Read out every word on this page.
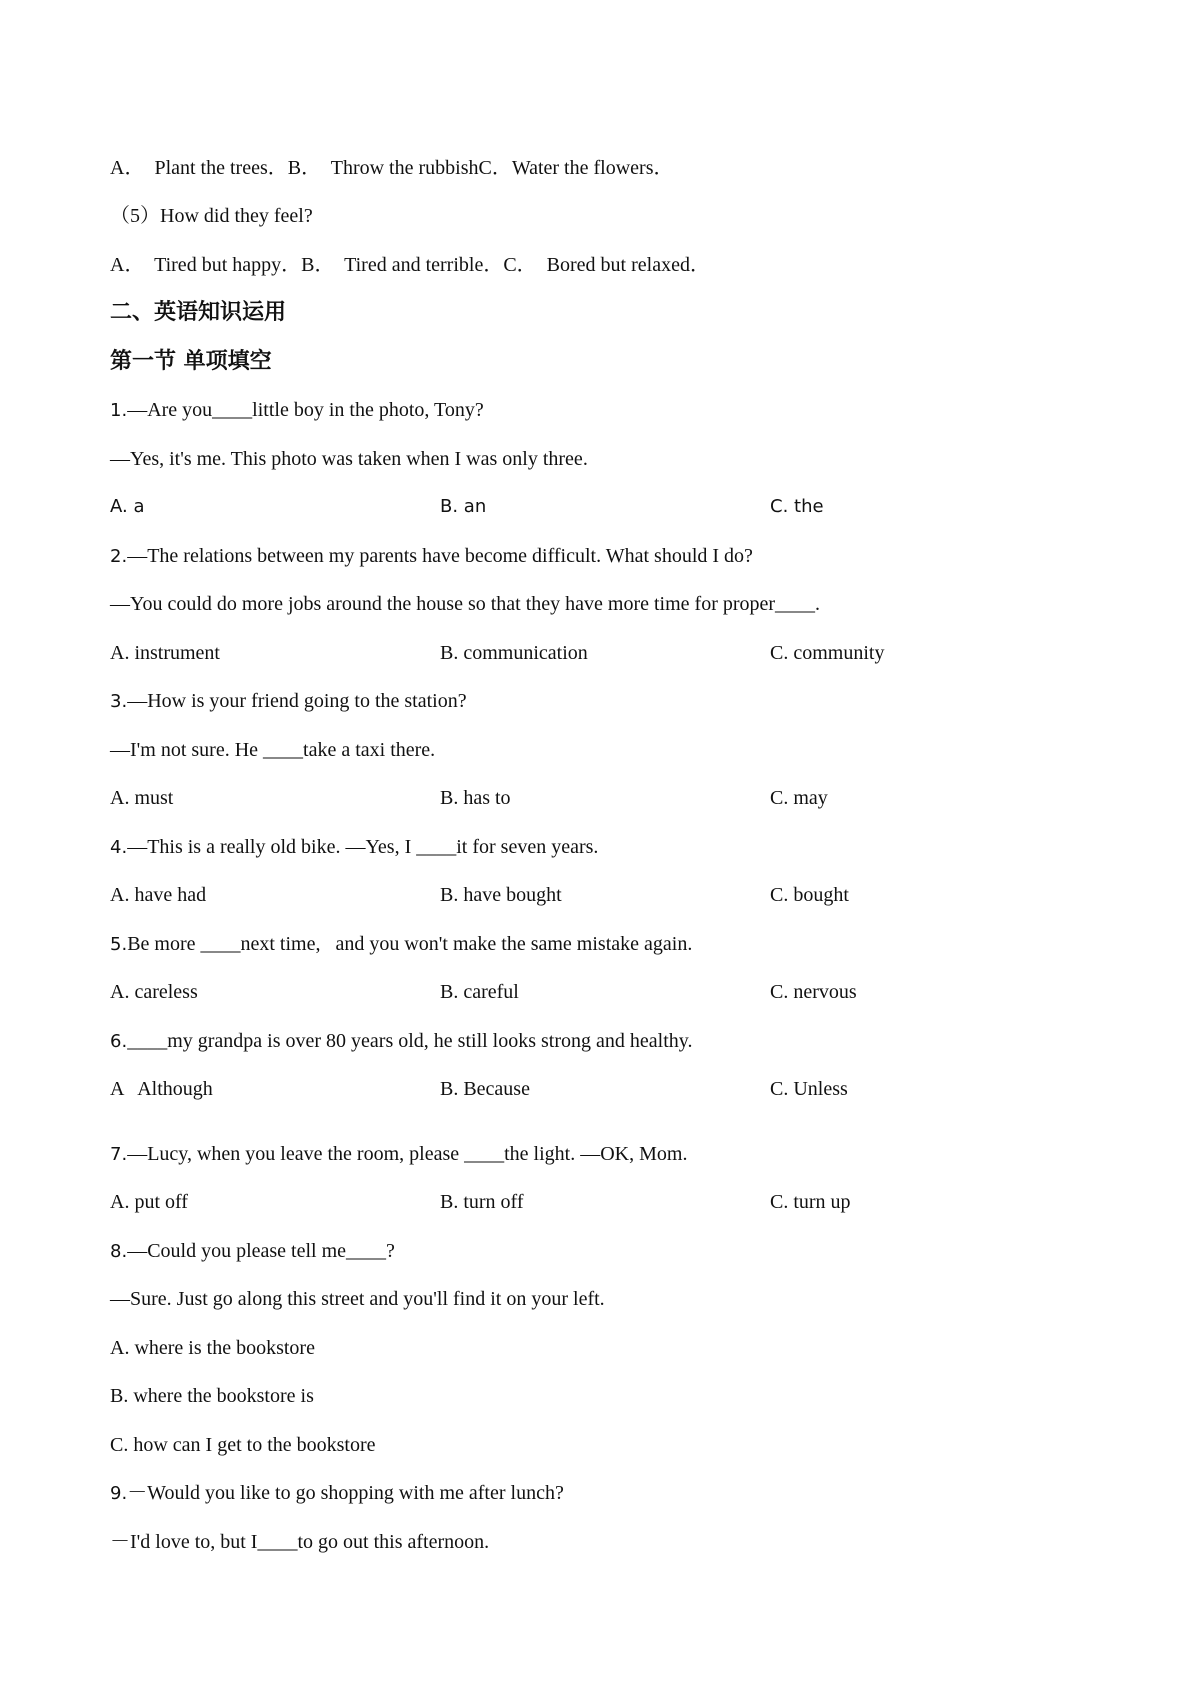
A．  Plant the trees．B．  Throw the rubbishC．Water the flowers．
（5）How did they feel?
A．  Tired but happy．B．  Tired and terrible．C．  Bored but relaxed．
二、英语知识运用
第一节 单项填空
1.—Are you____little boy in the photo, Tony?
—Yes, it's me. This photo was taken when I was only three.
A. a	B. an	C. the
2.—The relations between my parents have become difficult. What should I do?
—You could do more jobs around the house so that they have more time for proper____.
A. instrument	B. communication	C. community
3.—How is your friend going to the station?
—I'm not sure. He ____take a taxi there.
A. must	B. has to	C. may
4.—This is a really old bike. —Yes, I ____it for seven years.
A. have had	B. have bought	C. bought
5.Be more ____next time,   and you won't make the same mistake again.
A. careless	B. careful	C. nervous
6.____my grandpa is over 80 years old, he still looks strong and healthy.
A   Although	B. Because	C. Unless
7.—Lucy, when you leave the room, please ____the light. —OK, Mom.
A. put off	B. turn off	C. turn up
8.—Could you please tell me____?
—Sure. Just go along this street and you'll find it on your left.
A. where is the bookstore
B. where the bookstore is
C. how can I get to the bookstore
9.－Would you like to go shopping with me after lunch?
－I'd love to, but I____to go out this afternoon.
